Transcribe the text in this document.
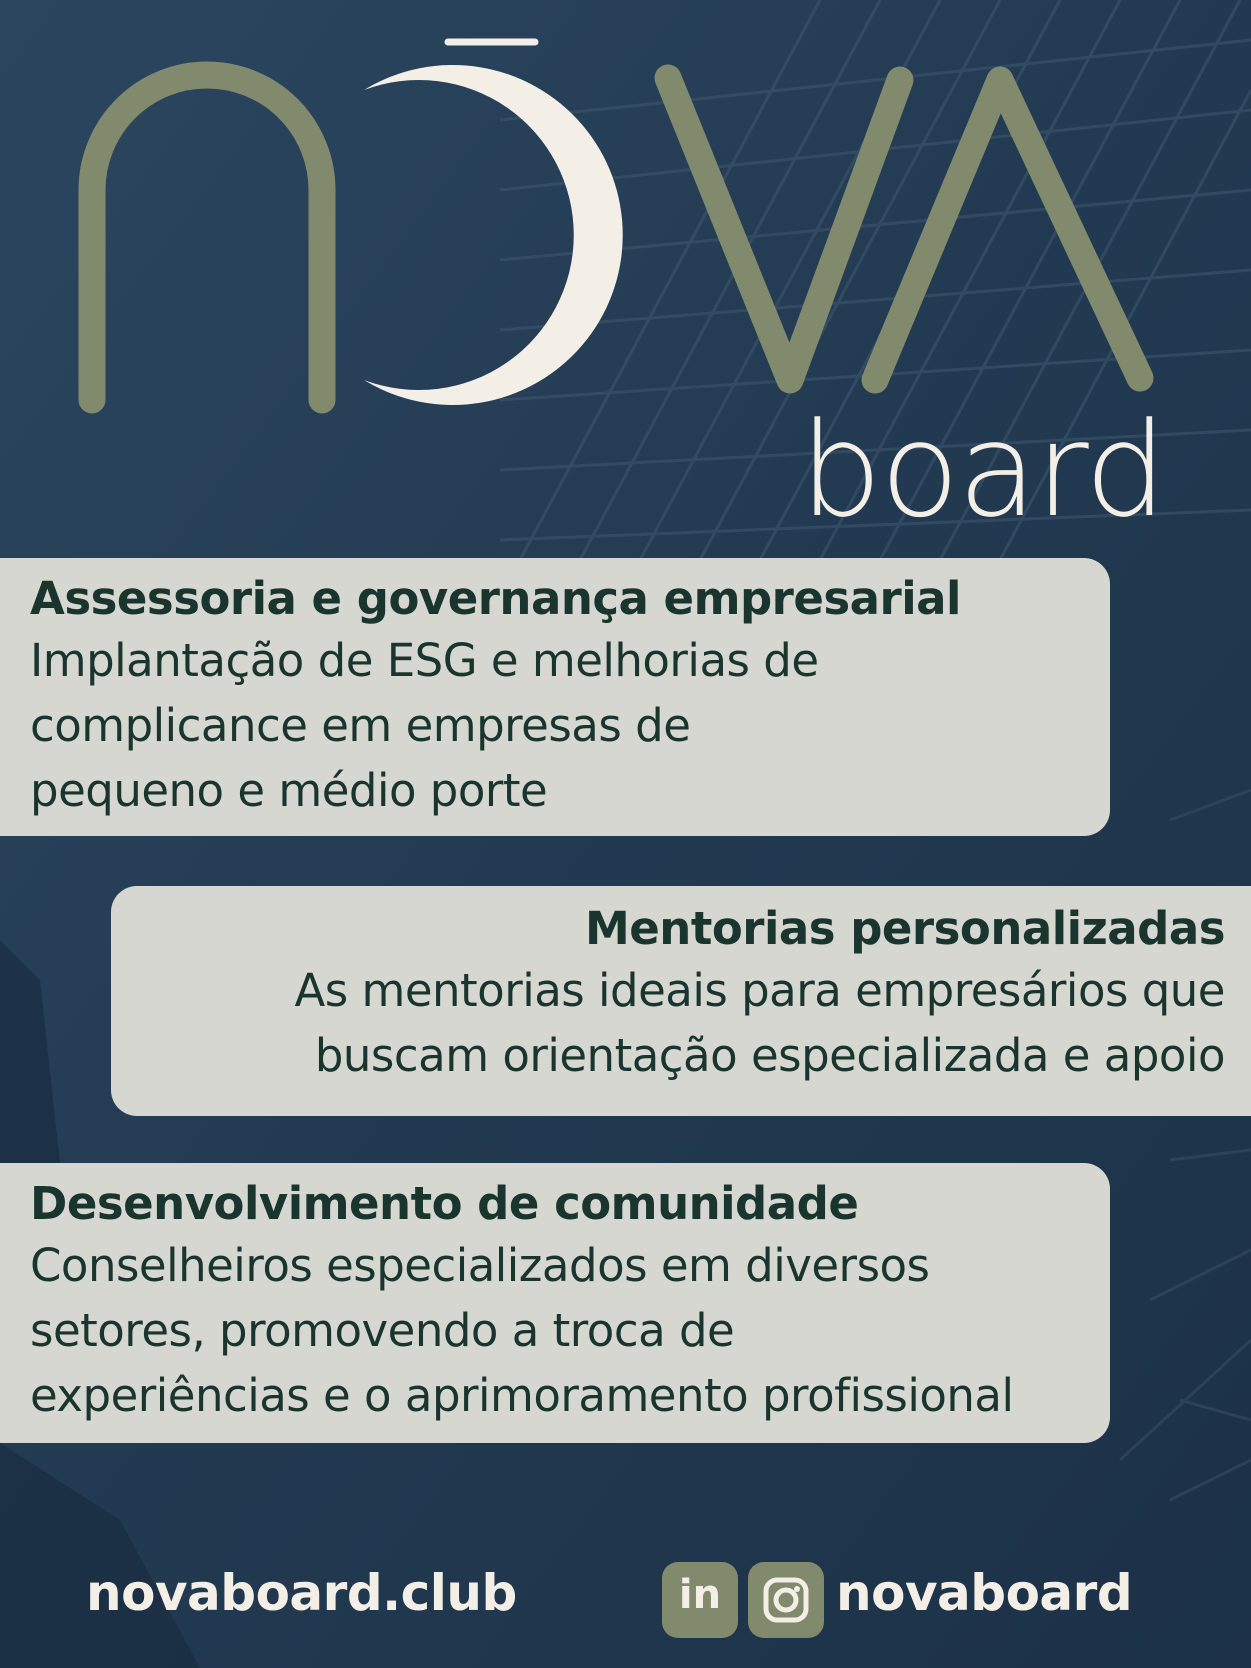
board
Assessoria e governança empresarial

Implantação de ESG e melhorias de

complicance em empresas de

pequeno e médio porte

Mentorias personalizadas

As mentorias ideais para empresários que

buscam orientação especializada e apoio

Desenvolvimento de comunidade

Conselheiros especializados em diversos

setores, promovendo a troca de

experiências e o aprimoramento profissional

novaboard.club	in	novaboard
